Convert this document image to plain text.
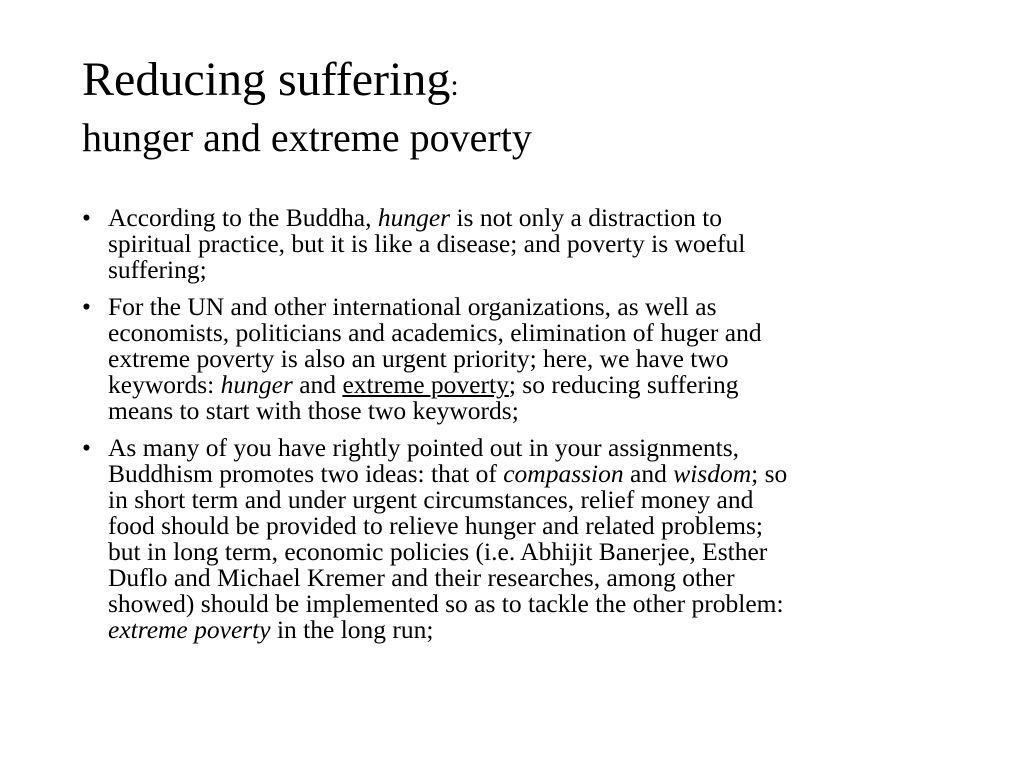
Reducing suffering:
hunger and extreme poverty
• According to the Buddha, hunger is not only a distraction to
spiritual practice, but it is like a disease; and poverty is woeful
suffering;
• For the UN and other international organizations, as well as
economists, politicians and academics, elimination of huger and
extreme poverty is also an urgent priority; here, we have two
keywords: hunger and extreme poverty; so reducing suffering
means to start with those two keywords;
• As many of you have rightly pointed out in your assignments,
Buddhism promotes two ideas: that of compassion and wisdom; so
in short term and under urgent circumstances, relief money and
food should be provided to relieve hunger and related problems;
but in long term, economic policies (i.e. Abhijit Banerjee, Esther
Duflo and Michael Kremer and their researches, among other
showed) should be implemented so as to tackle the other problem:
extreme poverty in the long run;
